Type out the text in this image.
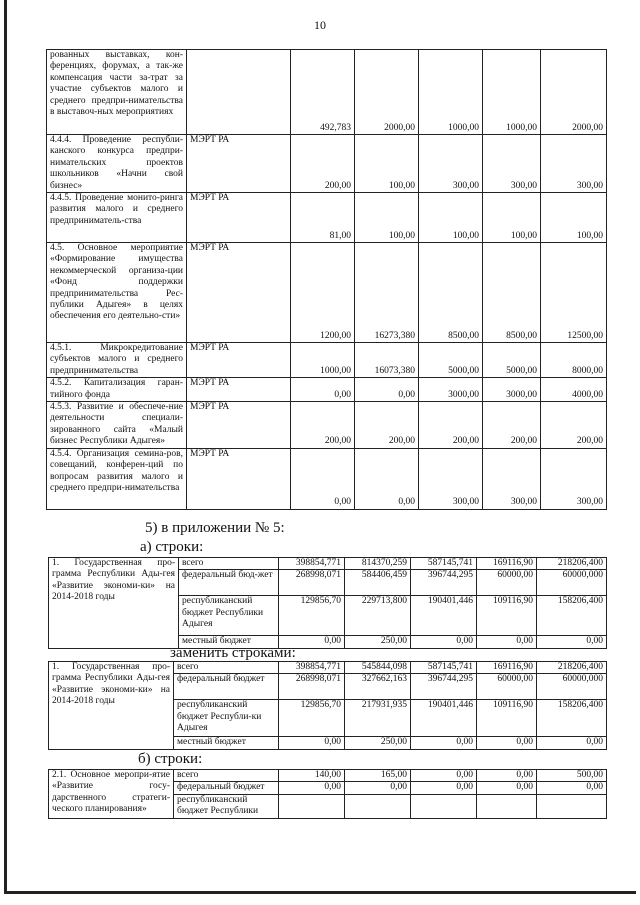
10
рованных выставках, кон-ференциях, форумах, а так-же компенсация части за-трат за участие субъектов малого и среднего предпри-нимательства в выставоч-ных мероприятиях		492,783	2000,00	1000,00	1000,00	2000,00
4.4.4. Проведение республи-канского конкурса предпри-нимательских проектов школьников «Начни свой бизнес»	МЭРТ РА	200,00	100,00	300,00	300,00	300,00
4.4.5. Проведение монито-ринга развития малого и среднего предприниматель-ства	МЭРТ РА	81,00	100,00	100,00	100,00	100,00
4.5. Основное мероприятие «Формирование имущества некоммерческой организа-ции «Фонд поддержки предпринимательства Рес-публики Адыгея» в целях обеспечения его деятельно-сти»	МЭРТ РА	1200,00	16273,380	8500,00	8500,00	12500,00
4.5.1. Микрокредитование субъектов малого и среднего предпринимательства	МЭРТ РА	1000,00	16073,380	5000,00	5000,00	8000,00
4.5.2. Капитализация гаран-тийного фонда	МЭРТ РА	0,00	0,00	3000,00	3000,00	4000,00
4.5.3. Развитие и обеспече-ние деятельности специали-зированного сайта «Малый бизнес Республики Адыгея»	МЭРТ РА	200,00	200,00	200,00	200,00	200,00
4.5.4. Организация семина-ров, совещаний, конферен-ций по вопросам развития малого и среднего предпри-нимательства	МЭРТ РА	0,00	0,00	300,00	300,00	300,00
5) в приложении № 5:
а) строки:
1. Государственная про-грамма Республики Ады-гея «Развитие экономи-ки» на 2014-2018 годы	всего	398854,771	814370,259	587145,741	169116,90	218206,400
	федеральный бюд-жет	268998,071	584406,459	396744,295	60000,00	60000,000
	республиканский бюджет Республики Адыгея	129856,70	229713,800	190401,446	109116,90	158206,400
	местный бюджет	0,00	250,00	0,00	0,00	0,00
заменить строками:
1. Государственная про-грамма Республики Ады-гея «Развитие экономи-ки» на 2014-2018 годы	всего	398854,771	545844,098	587145,741	169116,90	218206,400
	федеральный бюджет	268998,071	327662,163	396744,295	60000,00	60000,000
	республиканский бюджет Республи-ки Адыгея	129856,70	217931,935	190401,446	109116,90	158206,400
	местный бюджет	0,00	250,00	0,00	0,00	0,00
б) строки:
2.1. Основное меропри-ятие «Развитие госу-дарственного стратеги-ческого планирования»	всего	140,00	165,00	0,00	0,00	500,00
	федеральный бюджет	0,00	0,00	0,00	0,00	0,00
	республиканский бюджет Республики					
